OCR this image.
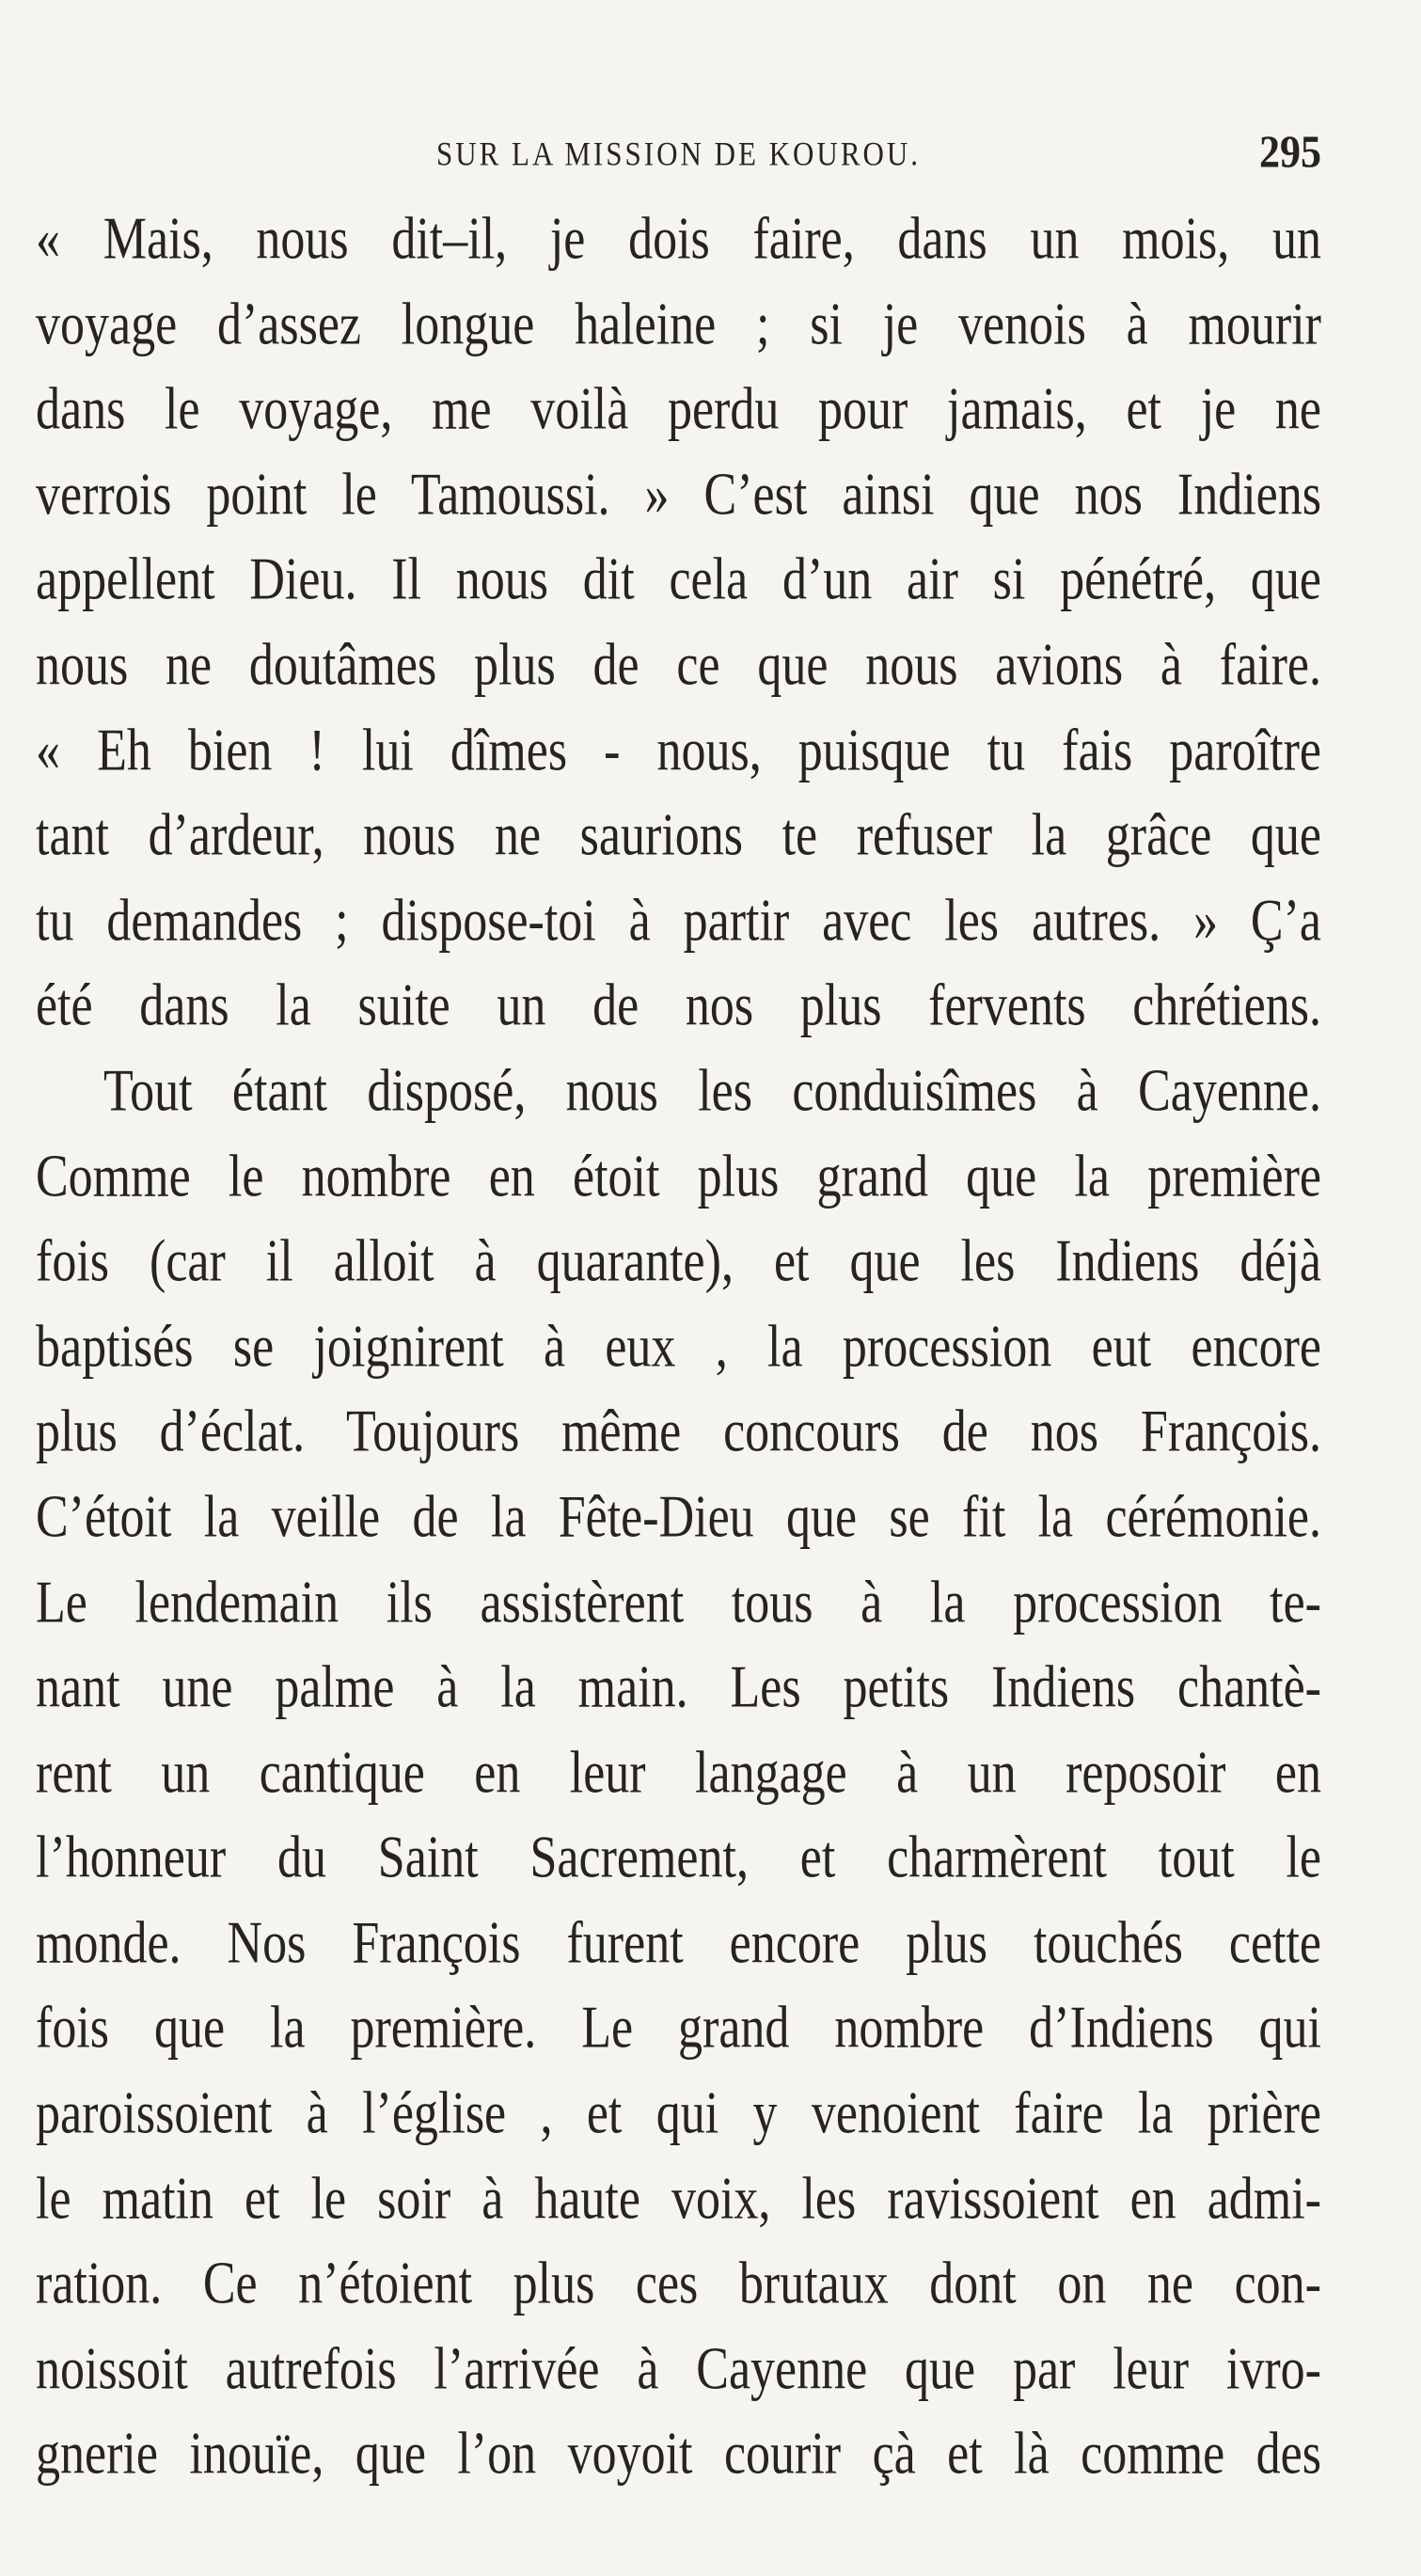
SUR LA MISSION DE KOUROU.	295
« Mais, nous dit–il, je dois faire, dans un mois, un
voyage d’assez longue haleine ; si je venois à mourir
dans le voyage, me voilà perdu pour jamais, et je ne
verrois point le Tamoussi. » C’est ainsi que nos Indiens
appellent Dieu. Il nous dit cela d’un air si pénétré, que
nous ne doutâmes plus de ce que nous avions à faire.
« Eh bien ! lui dîmes - nous, puisque tu fais paroître
tant d’ardeur, nous ne saurions te refuser la grâce que
tu demandes ; dispose-toi à partir avec les autres. » Ç’a
été dans la suite un de nos plus fervents chrétiens.
Tout étant disposé, nous les conduisîmes à Cayenne.
Comme le nombre en étoit plus grand que la première
fois (car il alloit à quarante), et que les Indiens déjà
baptisés se joignirent à eux , la procession eut encore
plus d’éclat. Toujours même concours de nos François.
C’étoit la veille de la Fête-Dieu que se fit la cérémonie.
Le lendemain ils assistèrent tous à la procession te-
nant une palme à la main. Les petits Indiens chantè-
rent un cantique en leur langage à un reposoir en
l’honneur du Saint Sacrement, et charmèrent tout le
monde. Nos François furent encore plus touchés cette
fois que la première. Le grand nombre d’Indiens qui
paroissoient à l’église , et qui y venoient faire la prière
le matin et le soir à haute voix, les ravissoient en admi-
ration. Ce n’étoient plus ces brutaux dont on ne con-
noissoit autrefois l’arrivée à Cayenne que par leur ivro-
gnerie inouïe, que l’on voyoit courir çà et là comme des
